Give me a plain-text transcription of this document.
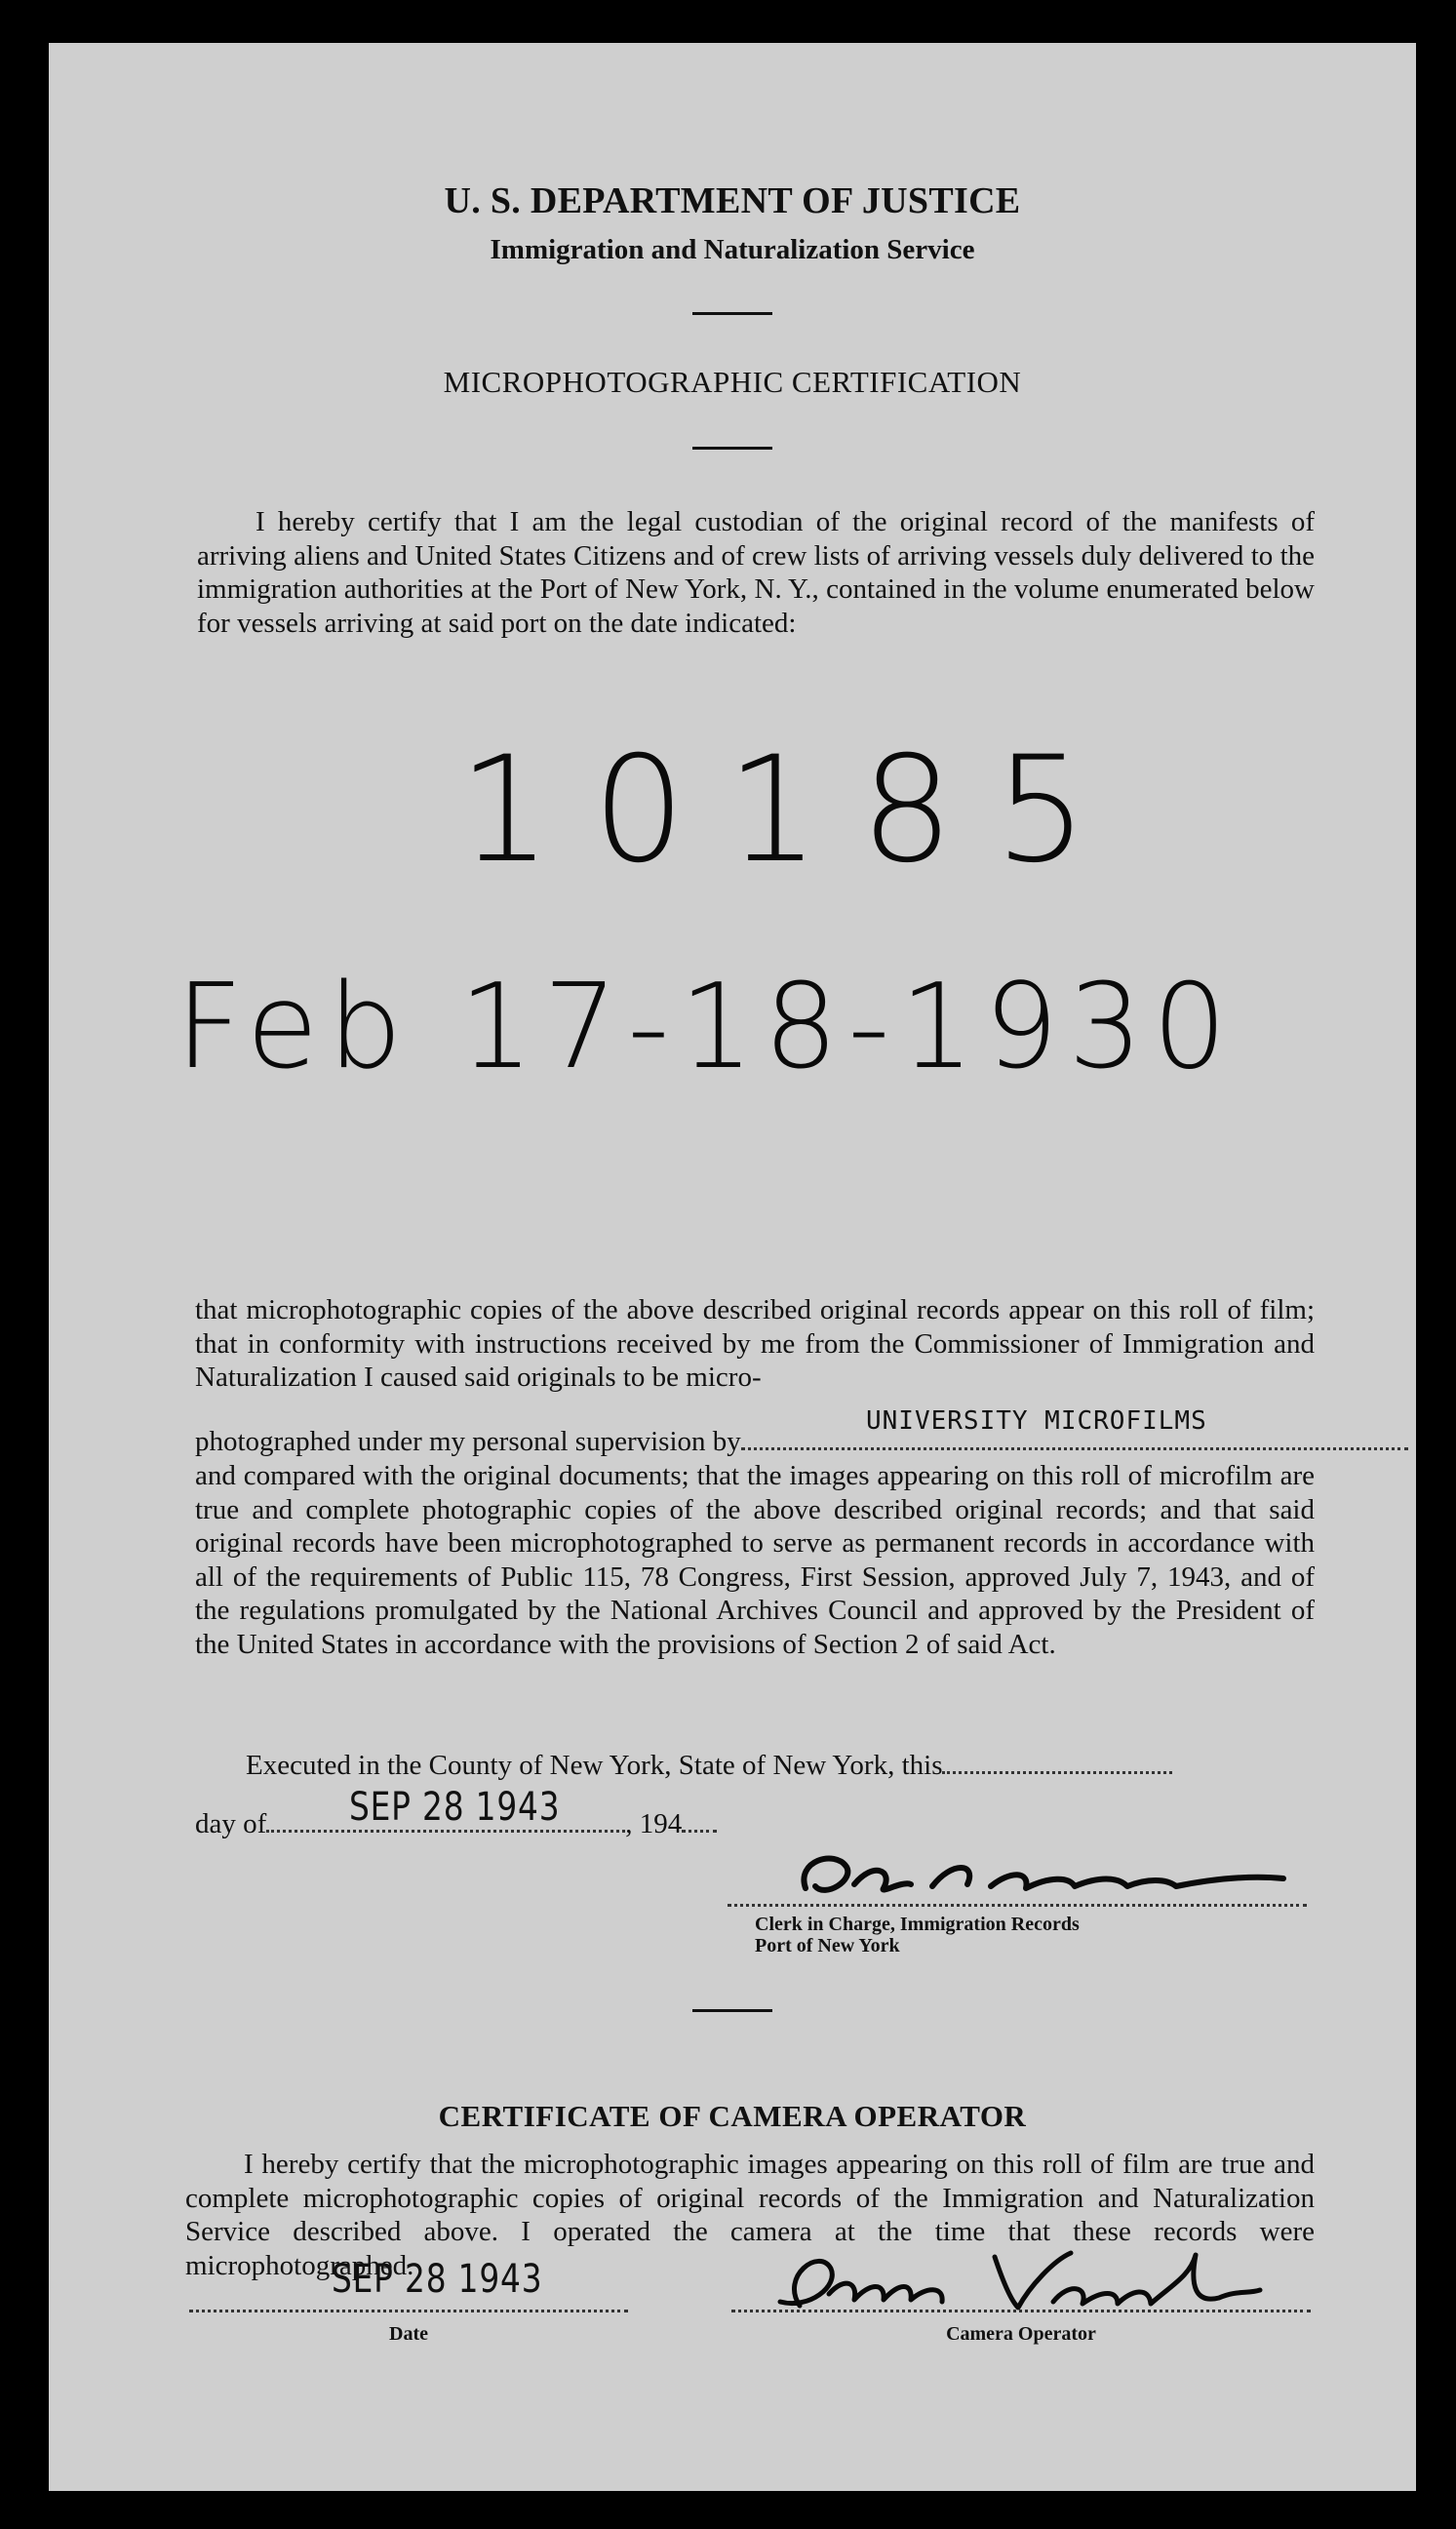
U. S. DEPARTMENT OF JUSTICE
Immigration and Naturalization Service
MICROPHOTOGRAPHIC CERTIFICATION

I hereby certify that I am the legal custodian of the original record of the manifests of arriving aliens and United States Citizens and of crew lists of arriving vessels duly delivered to the immigration authorities at the Port of New York, N. Y., contained in the volume enumerated below for vessels arriving at said port on the date indicated:

10185
Feb 17-18-1930

that microphotographic copies of the above described original records appear on this roll of film; that in conformity with instructions received by me from the Commissioner of Immigration and Naturalization I caused said originals to be micro-

photographed under my personal supervision by
UNIVERSITY MICROFILMS

and compared with the original documents; that the images appearing on this roll of microfilm are true and complete photographic copies of the above described original records; and that said original records have been microphotographed to serve as permanent records in accordance with all of the requirements of Public 115, 78 Congress, First Session, approved July 7, 1943, and of the regulations promulgated by the National Archives Council and approved by the President of the United States in accordance with the provisions of Section 2 of said Act.

Executed in the County of New York, State of New York, this
day of	, 194
SEP 28 1943
Clerk in Charge, Immigration Records
Port of New York
CERTIFICATE OF CAMERA OPERATOR

I hereby certify that the microphotographic images appearing on this roll of film are true and complete microphotographic copies of original records of the Immigration and Naturalization Service described above. I operated the camera at the time that these records were microphotographed.

SEP 28 1943
Date	Camera Operator
